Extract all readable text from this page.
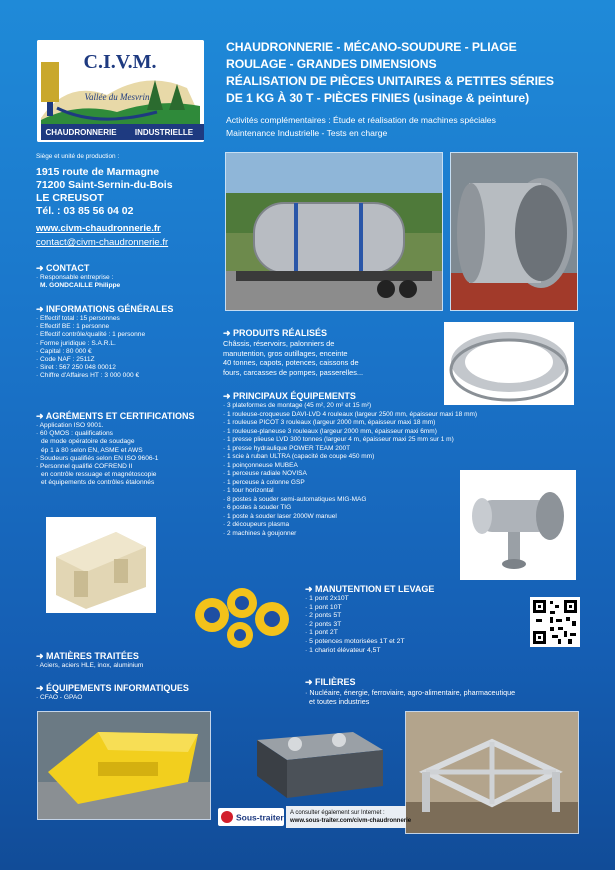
C.I.V.M.
Vallée du Mesvrin
CHAUDRONNERIE INDUSTRIELLE
CHAUDRONNERIE - MÉCANO-SOUDURE - PLIAGE
ROULAGE - GRANDES DIMENSIONS
RÉALISATION DE PIÈCES UNITAIRES & PETITES SÉRIES
DE 1 KG À 30 T - PIÈCES FINIES (usinage & peinture)
Activités complémentaires : Étude et réalisation de machines spéciales
Maintenance Industrielle - Tests en charge
Siège et unité de production :
1915 route de Marmagne
71200 Saint-Sernin-du-Bois
LE CREUSOT
Tél. : 03 85 56 04 02
www.civm-chaudronnerie.fr
contact@civm-chaudronnerie.fr
➜ CONTACT
· Responsable entreprise :
M. GONDCAILLE Philippe
➜ INFORMATIONS GÉNÉRALES
· Effectif total : 15 personnes
· Effectif BE : 1 personne
· Effectif contrôle/qualité : 1 personne
· Forme juridique : S.A.R.L.
· Capital : 80 000 €
· Code NAF : 2511Z
· Siret : 567 250 048 00012
· Chiffre d'Affaires HT : 3 000 000 €
➜ AGRÉMENTS ET CERTIFICATIONS
· Application ISO 9001.
· 60 QMOS : qualifications
de mode opératoire de soudage
ép 1 à 80 selon EN, ASME et AWS
· Soudeurs qualifiés selon EN ISO 9606-1
· Personnel qualifié COFREND II
en contrôle ressuage et magnétoscopie
et équipements de contrôles étalonnés
➜ MATIÈRES TRAITÉES
· Aciers, aciers HLE, inox, aluminium
➜ ÉQUIPEMENTS INFORMATIQUES
· CFAO - GPAO
➜ PRODUITS RÉALISÉS
Châssis, réservoirs, palonniers de
manutention, gros outillages, enceinte
40 tonnes, capots, potences, caissons de
fours, carcasses de pompes, passerelles...
➜ PRINCIPAUX ÉQUIPEMENTS
· 3 plateformes de montage (45 m², 20 m² et 15 m²)
· 1 rouleuse-croqueuse DAVI-LVD 4 rouleaux (largeur 2500 mm, épaisseur maxi 18 mm)
· 1 rouleuse PICOT 3 rouleaux (largeur 2000 mm, épaisseur maxi 18 mm)
· 1 rouleuse-planeuse 3 rouleaux (largeur 2000 mm, épaisseur maxi 6mm)
· 1 presse plieuse LVD 300 tonnes (largeur 4 m, épaisseur maxi 25 mm sur 1 m)
· 1 presse hydraulique POWER TEAM 200T
· 1 scie à ruban ULTRA (capacité de coupe 450 mm)
· 1 poinçonneuse MUBEA
· 1 perceuse radiale NOVISA
· 1 perceuse à colonne GSP
· 1 tour horizontal
· 8 postes à souder semi-automatiques MIG-MAG
· 6 postes à souder TIG
· 1 poste à souder laser 2000W manuel
· 2 découpeurs plasma
· 2 machines à goujonner
➜ MANUTENTION ET LEVAGE
· 1 pont 2x10T
· 1 pont 10T
· 2 ponts 5T
· 2 ponts 3T
· 1 pont 2T
· 5 potences motorisées 1T et 2T
· 1 chariot élévateur 4,5T
➜ FILIÈRES
· Nucléaire, énergie, ferroviaire, agro-alimentaire, pharmaceutique
et toutes industries
Sous-traiter A consulter également sur Internet :
www.sous-traiter.com/civm-chaudronnerie
